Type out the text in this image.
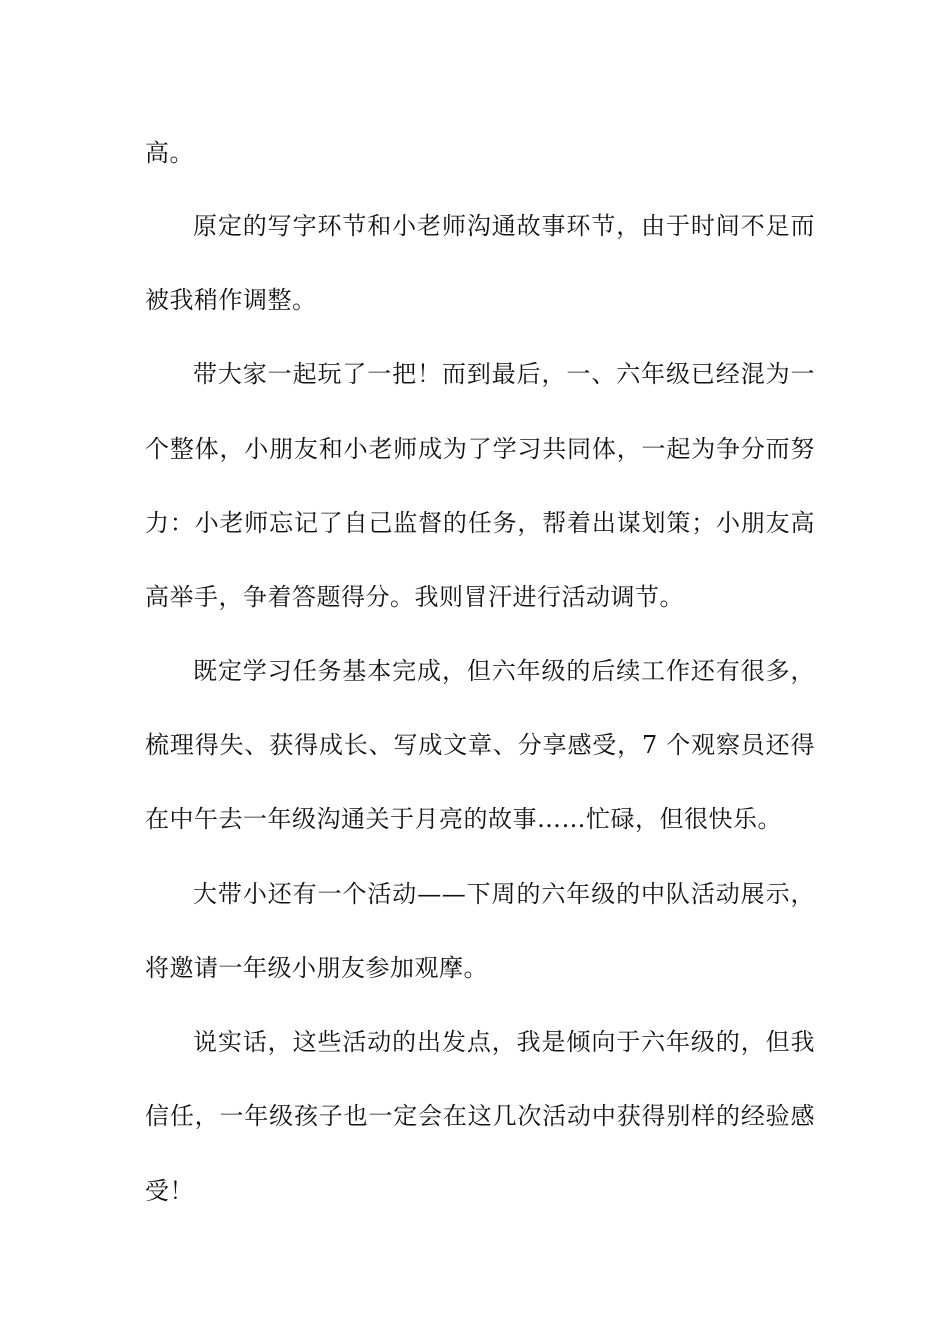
高。
原定的写字环节和小老师沟通故事环节，由于时间不足而
被我稍作调整。
带大家一起玩了一把！而到最后，一、六年级已经混为一
个整体，小朋友和小老师成为了学习共同体，一起为争分而努
力：小老师忘记了自己监督的任务，帮着出谋划策；小朋友高
高举手，争着答题得分。我则冒汗进行活动调节。
既定学习任务基本完成，但六年级的后续工作还有很多，
梳理得失、获得成长、写成文章、分享感受，7 个观察员还得
在中午去一年级沟通关于月亮的故事……忙碌，但很快乐。
大带小还有一个活动——下周的六年级的中队活动展示，
将邀请一年级小朋友参加观摩。
说实话，这些活动的出发点，我是倾向于六年级的，但我
信任，一年级孩子也一定会在这几次活动中获得别样的经验感
受！
